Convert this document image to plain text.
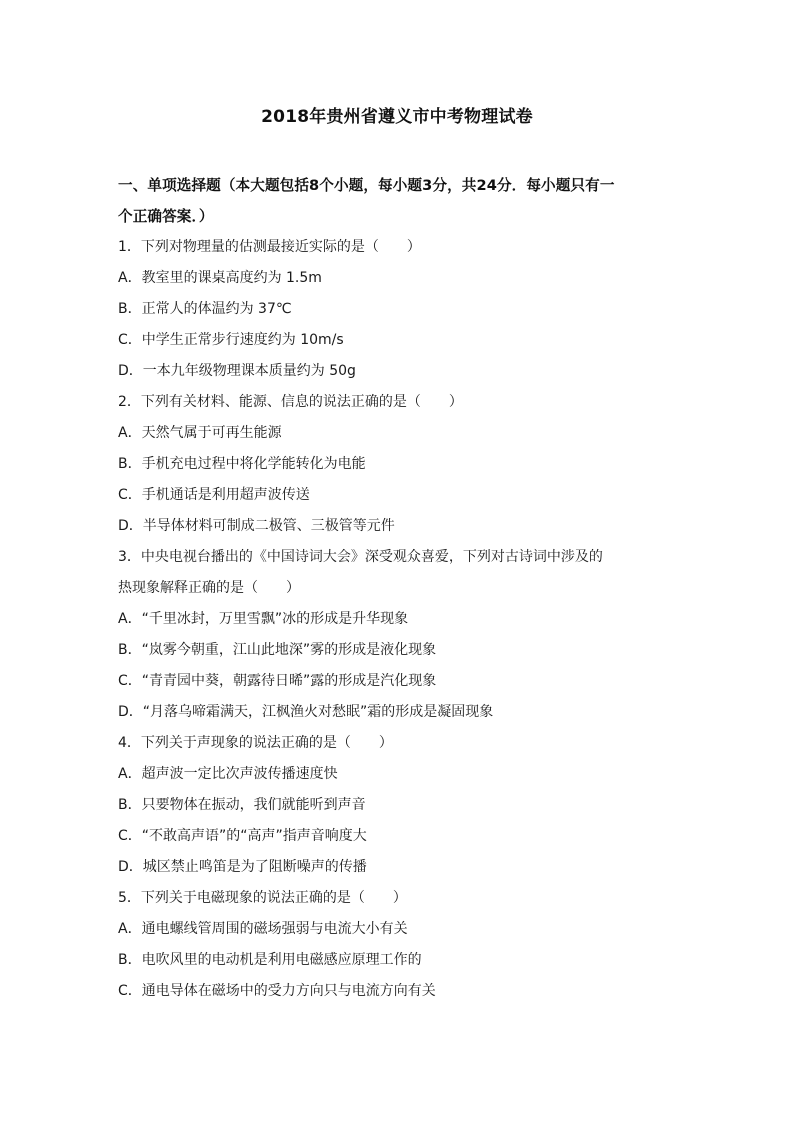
2018年贵州省遵义市中考物理试卷
一、单项选择题（本大题包括8个小题，每小题3分，共24分．每小题只有一
个正确答案．）
1．下列对物理量的估测最接近实际的是（　　）
A．教室里的课桌高度约为 1.5m
B．正常人的体温约为 37℃
C．中学生正常步行速度约为 10m/s
D．一本九年级物理课本质量约为 50g
2．下列有关材料、能源、信息的说法正确的是（　　）
A．天然气属于可再生能源
B．手机充电过程中将化学能转化为电能
C．手机通话是利用超声波传送
D．半导体材料可制成二极管、三极管等元件
3．中央电视台播出的《中国诗词大会》深受观众喜爱，下列对古诗词中涉及的
热现象解释正确的是（　　）
A．“千里冰封，万里雪飘”冰的形成是升华现象
B．“岚雾今朝重，江山此地深”雾的形成是液化现象
C．“青青园中葵，朝露待日晞”露的形成是汽化现象
D．“月落乌啼霜满天，江枫渔火对愁眠”霜的形成是凝固现象
4．下列关于声现象的说法正确的是（　　）
A．超声波一定比次声波传播速度快
B．只要物体在振动，我们就能听到声音
C．“不敢高声语”的“高声”指声音响度大
D．城区禁止鸣笛是为了阻断噪声的传播
5．下列关于电磁现象的说法正确的是（　　）
A．通电螺线管周围的磁场强弱与电流大小有关
B．电吹风里的电动机是利用电磁感应原理工作的
C．通电导体在磁场中的受力方向只与电流方向有关
